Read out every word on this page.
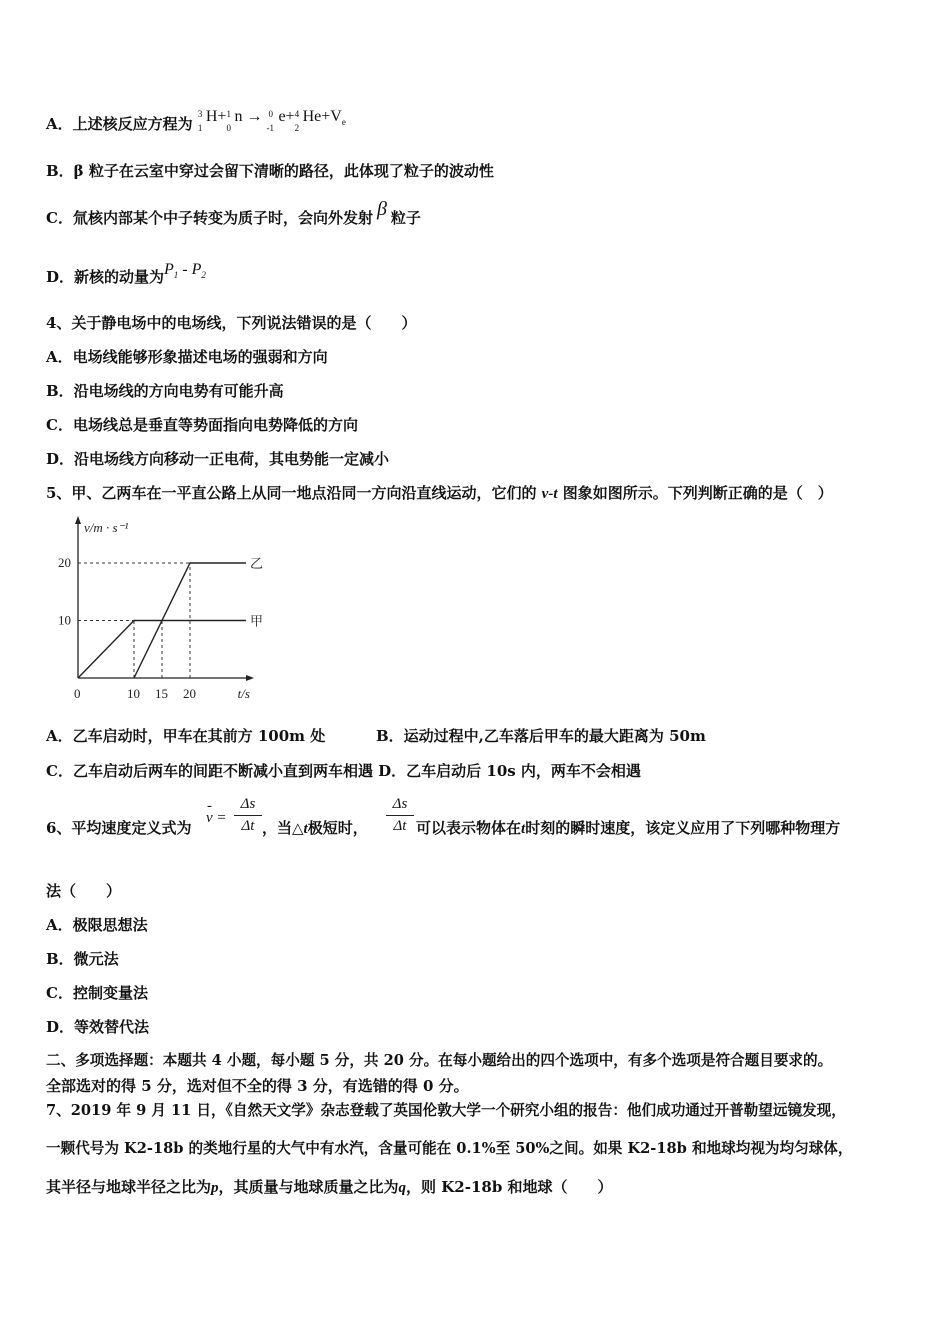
A．上述核反应方程为
3
1
H+ 1
0
n → 0
-1
e+ 4
2
$He+V_e$
B．β 粒子在云室中穿过会留下清晰的路径，此体现了粒子的波动性
C．氚核内部某个中子转变为质子时，会向外发射 β 粒子
D．新核的动量为$P_1 - P_2$
4、关于静电场中的电场线，下列说法错误的是（　　）
A．电场线能够形象描述电场的强弱和方向
B．沿电场线的方向电势有可能升高
C．电场线总是垂直等势面指向电势降低的方向
D．沿电场线方向移动一正电荷，其电势能一定减小
5、甲、乙两车在一平直公路上从同一地点沿同一方向沿直线运动，它们的 v-t 图象如图所示。下列判断正确的是（　）
v/m · s⁻¹
t/s
10
20
0	10 15 20
甲
乙
A．乙车启动时，甲车在其前方 100m 处	B．运动过程中,乙车落后甲车的最大距离为 50m
C．乙车启动后两车的间距不断减小直到两车相遇 D．乙车启动后 10s 内，两车不会相遇
6、平均速度定义式为
-
v =
Δs
Δt ，当△t极短时，
Δs
Δt 可以表示物体在t时刻的瞬时速度，该定义应用了下列哪种物理方
法（　　）
A．极限思想法
B．微元法
C．控制变量法
D．等效替代法
二、多项选择题：本题共 4 小题，每小题 5 分，共 20 分。在每小题给出的四个选项中，有多个选项是符合题目要求的。
全部选对的得 5 分，选对但不全的得 3 分，有选错的得 0 分。
7、2019 年 9 月 11 日，《自然天文学》杂志登载了英国伦敦大学一个研究小组的报告：他们成功通过开普勒望远镜发现，
一颗代号为 K2-18b 的类地行星的大气中有水汽，含量可能在 0.1%至 50%之间。如果 K2-18b 和地球均视为均匀球体，
其半径与地球半径之比为p，其质量与地球质量之比为q，则 K2-18b 和地球（　　）
